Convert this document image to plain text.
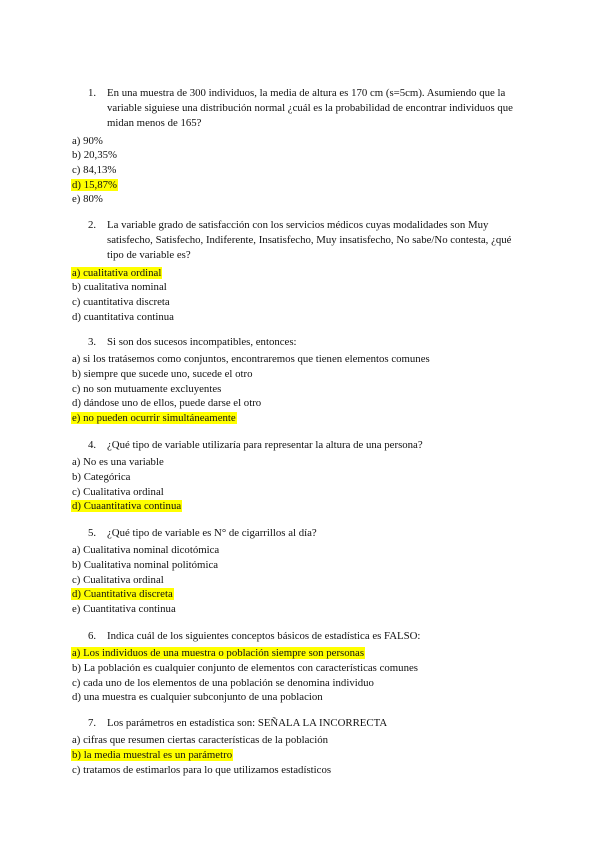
1. En una muestra de 300 individuos, la media de altura es 170 cm (s=5cm). Asumiendo que la variable siguiese una distribución normal ¿cuál es la probabilidad de encontrar individuos que midan menos de 165?
a) 90%
b) 20,35%
c) 84,13%
d) 15,87%
e) 80%
2. La variable grado de satisfacción con los servicios médicos cuyas modalidades son Muy satisfecho, Satisfecho, Indiferente, Insatisfecho, Muy insatisfecho, No sabe/No contesta, ¿qué tipo de variable es?
a) cualitativa ordinal
b) cualitativa nominal
c) cuantitativa discreta
d) cuantitativa continua
3. Si son dos sucesos incompatibles, entonces:
a) si los tratásemos como conjuntos, encontraremos que tienen elementos comunes
b) siempre que sucede uno, sucede el otro
c) no son mutuamente excluyentes
d) dándose uno de ellos, puede darse el otro
e) no pueden ocurrir simultáneamente
4. ¿Qué tipo de variable utilizaría para representar la altura de una persona?
a) No es una variable
b) Categórica
c) Cualitativa ordinal
d) Cuaantitativa continua
5. ¿Qué tipo de variable es N° de cigarrillos al día?
a) Cualitativa nominal dicotómica
b) Cualitativa nominal politómica
c) Cualitativa ordinal
d) Cuantitativa discreta
e) Cuantitativa continua
6. Indica cuál de los siguientes conceptos básicos de estadística es FALSO:
a) Los individuos de una muestra o población siempre son personas
b) La población es cualquier conjunto de elementos con características comunes
c) cada uno de los elementos de una población se denomina individuo
d) una muestra es cualquier subconjunto de una poblacion
7. Los parámetros en estadística son: SEÑALA LA INCORRECTA
a) cifras que resumen ciertas características de la población
b) la media muestral es un parámetro
c) tratamos de estimarlos para lo que utilizamos estadísticos
